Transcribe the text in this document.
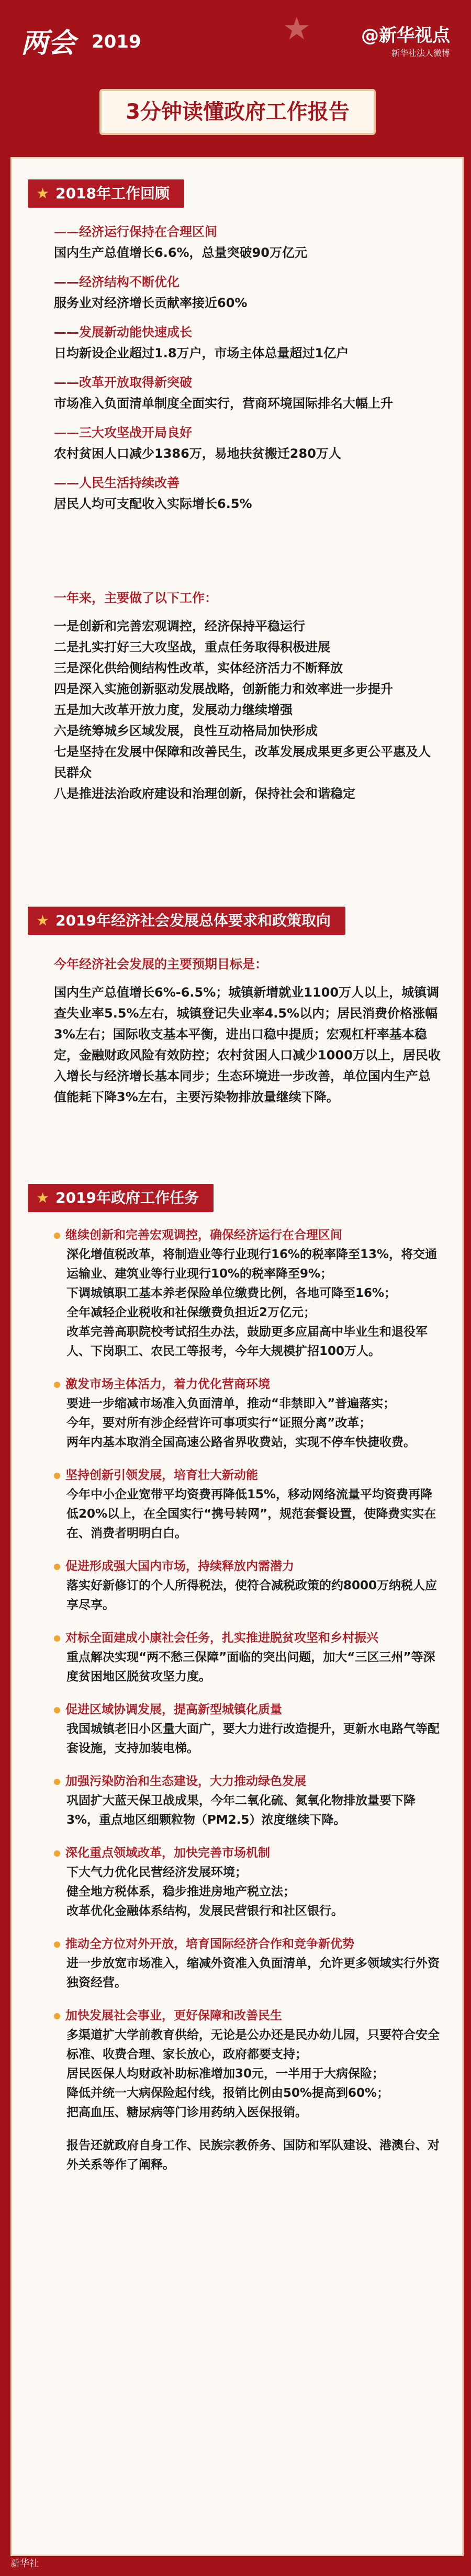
★
两会 2019	@新华视点
新华社法人微博
3分钟读懂政府工作报告
★ 2018年工作回顾
——经济运行保持在合理区间
国内生产总值增长6.6%，总量突破90万亿元
——经济结构不断优化
服务业对经济增长贡献率接近60%
——发展新动能快速成长
日均新设企业超过1.8万户，市场主体总量超过1亿户
——改革开放取得新突破
市场准入负面清单制度全面实行，营商环境国际排名大幅上升
——三大攻坚战开局良好
农村贫困人口减少1386万，易地扶贫搬迁280万人
——人民生活持续改善
居民人均可支配收入实际增长6.5%
一年来，主要做了以下工作：
一是创新和完善宏观调控，经济保持平稳运行
二是扎实打好三大攻坚战，重点任务取得积极进展
三是深化供给侧结构性改革，实体经济活力不断释放
四是深入实施创新驱动发展战略，创新能力和效率进一步提升
五是加大改革开放力度，发展动力继续增强
六是统筹城乡区域发展，良性互动格局加快形成
七是坚持在发展中保障和改善民生，改革发展成果更多更公平惠及人民群众
八是推进法治政府建设和治理创新，保持社会和谐稳定
★ 2019年经济社会发展总体要求和政策取向
今年经济社会发展的主要预期目标是：
国内生产总值增长6%-6.5%；城镇新增就业1100万人以上，城镇调查失业率5.5%左右，城镇登记失业率4.5%以内；居民消费价格涨幅3%左右；国际收支基本平衡，进出口稳中提质；宏观杠杆率基本稳定，金融财政风险有效防控；农村贫困人口减少1000万以上，居民收入增长与经济增长基本同步；生态环境进一步改善，单位国内生产总值能耗下降3%左右，主要污染物排放量继续下降。
★ 2019年政府工作任务
继续创新和完善宏观调控，确保经济运行在合理区间
深化增值税改革，将制造业等行业现行16%的税率降至13%，将交通运输业、建筑业等行业现行10%的税率降至9%；
下调城镇职工基本养老保险单位缴费比例，各地可降至16%；
全年减轻企业税收和社保缴费负担近2万亿元；
改革完善高职院校考试招生办法，鼓励更多应届高中毕业生和退役军人、下岗职工、农民工等报考，今年大规模扩招100万人。
激发市场主体活力，着力优化营商环境
要进一步缩减市场准入负面清单，推动“非禁即入”普遍落实；
今年，要对所有涉企经营许可事项实行“证照分离”改革；
两年内基本取消全国高速公路省界收费站，实现不停车快捷收费。
坚持创新引领发展，培育壮大新动能
今年中小企业宽带平均资费再降低15%，移动网络流量平均资费再降低20%以上，在全国实行“携号转网”，规范套餐设置，使降费实实在在、消费者明明白白。
促进形成强大国内市场，持续释放内需潜力
落实好新修订的个人所得税法，使符合减税政策的约8000万纳税人应享尽享。
对标全面建成小康社会任务，扎实推进脱贫攻坚和乡村振兴
重点解决实现“两不愁三保障”面临的突出问题，加大“三区三州”等深度贫困地区脱贫攻坚力度。
促进区域协调发展，提高新型城镇化质量
我国城镇老旧小区量大面广，要大力进行改造提升，更新水电路气等配套设施，支持加装电梯。
加强污染防治和生态建设，大力推动绿色发展
巩固扩大蓝天保卫战成果，今年二氧化硫、氮氧化物排放量要下降3%，重点地区细颗粒物（PM2.5）浓度继续下降。
深化重点领域改革，加快完善市场机制
下大气力优化民营经济发展环境；
健全地方税体系，稳步推进房地产税立法；
改革优化金融体系结构，发展民营银行和社区银行。
推动全方位对外开放，培育国际经济合作和竞争新优势
进一步放宽市场准入，缩减外资准入负面清单，允许更多领域实行外资独资经营。
加快发展社会事业，更好保障和改善民生
多渠道扩大学前教育供给，无论是公办还是民办幼儿园，只要符合安全标准、收费合理、家长放心，政府都要支持；
居民医保人均财政补助标准增加30元，一半用于大病保险；
降低并统一大病保险起付线，报销比例由50%提高到60%；
把高血压、糖尿病等门诊用药纳入医保报销。
报告还就政府自身工作、民族宗教侨务、国防和军队建设、港澳台、对外关系等作了阐释。
新华社
